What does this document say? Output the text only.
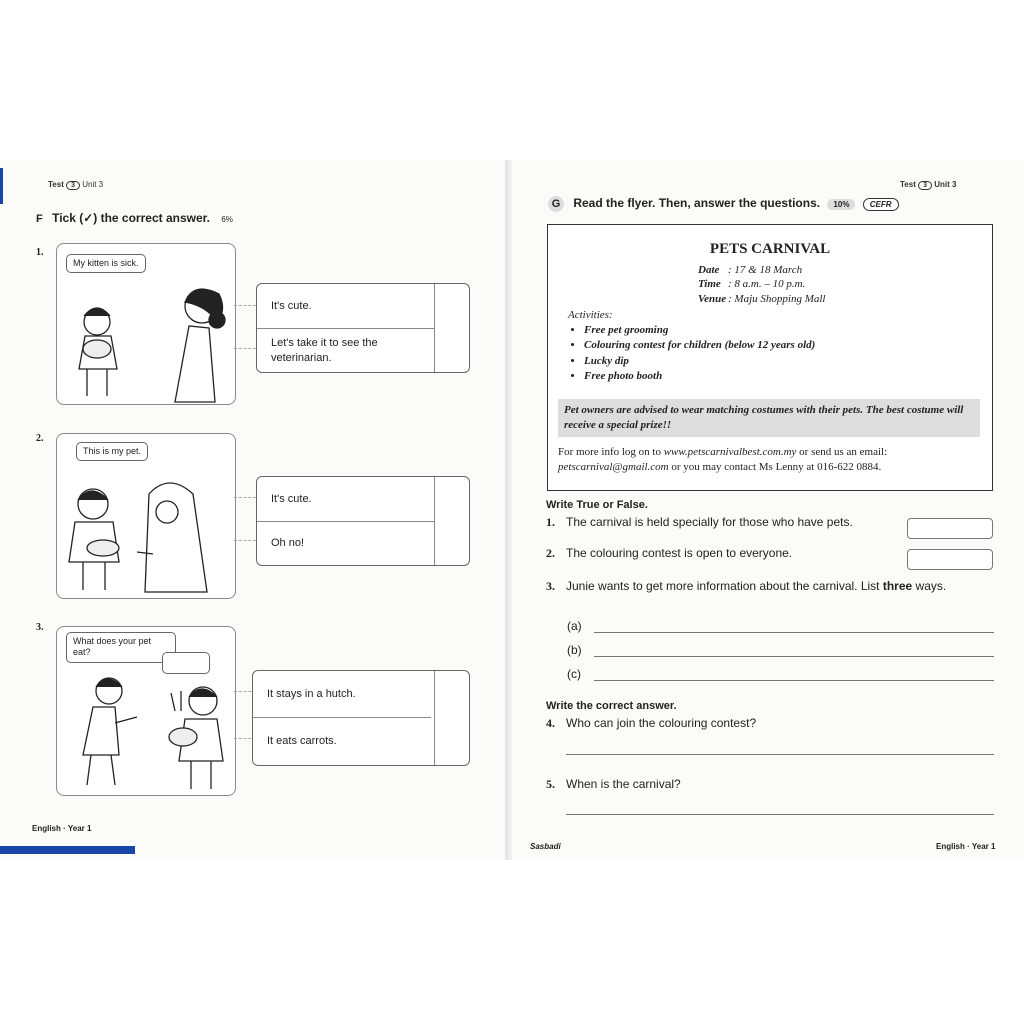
Test 3 Unit 3
F Tick (✓) the correct answer. 6%
1.
My kitten is sick.
It's cute.
Let's take it to see the veterinarian.
2.
This is my pet.
It's cute.
Oh no!
3.
What does your pet eat?
It stays in a hutch.
It eats carrots.
English · Year 1
Test 3 Unit 3
G Read the flyer. Then, answer the questions. 10%	CEFR
PETS CARNIVAL
Date : 17 & 18 March
Time : 8 a.m. – 10 p.m.
Venue : Maju Shopping Mall
Activities:
• Free pet grooming
• Colouring contest for children (below 12 years old)
• Lucky dip
• Free photo booth
Pet owners are advised to wear matching costumes with their pets. The best costume will receive a special prize!!
For more info log on to www.petscarnivalbest.com.my or send us an email: petscarnival@gmail.com or you may contact Ms Lenny at 016-622 0884.
Write True or False.
1. The carnival is held specially for those who have pets.
2. The colouring contest is open to everyone.
3. Junie wants to get more information about the carnival. List three ways.
(a)
(b)
(c)
Write the correct answer.
4. Who can join the colouring contest?
5. When is the carnival?
Sasbadi	English · Year 1
